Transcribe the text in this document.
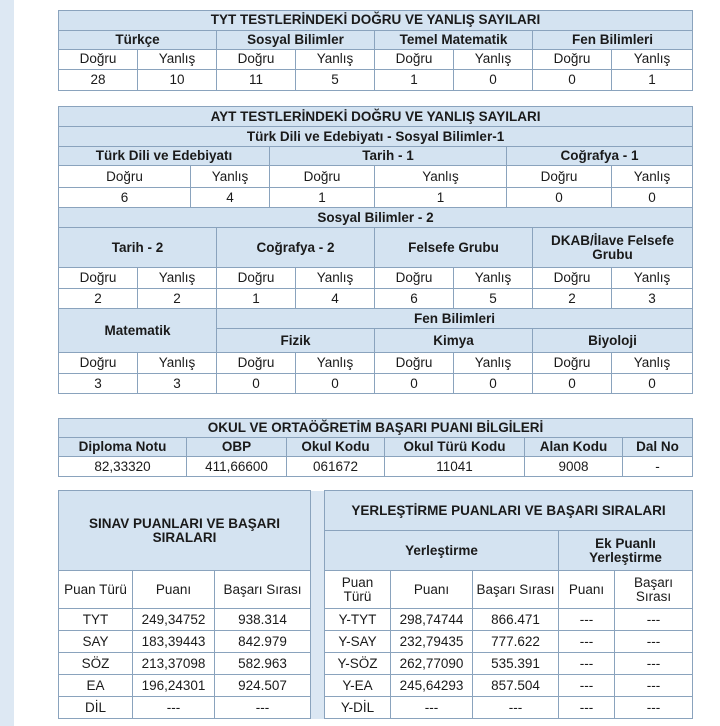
TYT TESTLERİNDEKİ DOĞRU VE YANLIŞ SAYILARI							
Türkçe		Sosyal Bilimler		Temel Matematik		Fen Bilimleri	
Doğru	Yanlış	Doğru	Yanlış	Doğru	Yanlış	Doğru	Yanlış
28	10	11	5	1	0	0	1
AYT TESTLERİNDEKİ DOĞRU VE YANLIŞ SAYILARI										
Türk Dili ve Edebiyatı - Sosyal Bilimler-1										
Türk Dili ve Edebiyatı				Tarih - 1				Coğrafya - 1		
Doğru		Yanlış		Doğru		Yanlış		Doğru		Yanlış
6		4		1		1		0		0
Sosyal Bilimler - 2										
Tarih - 2			Coğrafya - 2			Felsefe Grubu			DKAB/İlave Felsefe Grubu	
Doğru	Yanlış		Doğru		Yanlış	Doğru	Yanlış		Doğru	Yanlış
2	2		1		4	6	5		2	3
Matematik			Fen Bilimleri							
			Fizik			Kimya			Biyoloji	
Doğru	Yanlış		Doğru		Yanlış	Doğru	Yanlış		Doğru	Yanlış
3	3		0		0	0	0		0	0
OKUL VE ORTAÖĞRETİM BAŞARI PUANI BİLGİLERİ					
Diploma Notu	OBP	Okul Kodu	Okul Türü Kodu	Alan Kodu	Dal No
82,33320	411,66600	061672	11041	9008	-
SINAV PUANLARI VE BAŞARI SIRALARI				YERLEŞTİRME PUANLARI VE BAŞARI SIRALARI				
				Yerleştirme			Ek Puanlı Yerleştirme	
Puan Türü	Puanı	Başarı Sırası		Puan Türü	Puanı	Başarı Sırası	Puanı	Başarı Sırası
TYT	249,34752	938.314		Y-TYT	298,74744	866.471	---	---
SAY	183,39443	842.979		Y-SAY	232,79435	777.622	---	---
SÖZ	213,37098	582.963		Y-SÖZ	262,77090	535.391	---	---
EA	196,24301	924.507		Y-EA	245,64293	857.504	---	---
DİL	---	---		Y-DİL	---	---	---	---
